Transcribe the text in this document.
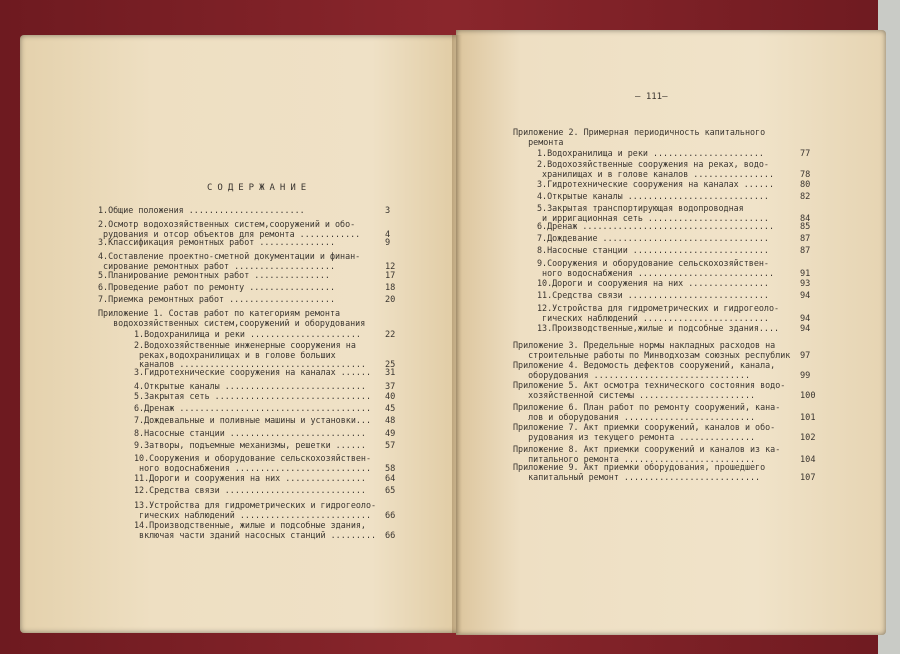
СОДЕРЖАНИЕ
— 111—
1.Общие положения .......................	3
2.Осмотр водохозяйственных систем,сооружений и обо-
рудования и отсор объектов для ремонта ............	4
3.Классификация ремонтных работ ...............	9
4.Составление проектно-сметной документации и финан-
сирование ремонтных работ ....................	12
5.Планирование ремонтных работ ...............	17
6.Проведение работ по ремонту .................	18
7.Приемка ремонтных работ .....................	20
Приложение 1. Состав работ по категориям ремонта
водохозяйственных систем,сооружений и оборудования
1.Водохранилища и реки ......................	22
2.Водохозяйственные инженерные сооружения на
реках,водохранилищах и в голове больших
каналов ..................................... 25
3.Гидротехнические сооружения на каналах ...... 31
4.Открытые каналы ............................ 37
5.Закрытая сеть ............................... 40
6.Дренаж ...................................... 45
7.Дождевальные и поливные машины и установки... 48
8.Насосные станции ........................... 49
9.Затворы, подъемные механизмы, решетки ...... 57
10.Сооружения и оборудование сельскохозяйствен-
ного водоснабжения ........................... 58
11.Дороги и сооружения на них ................ 64
12.Средства связи ............................ 65
13.Устройства для гидрометрических и гидрогеоло-
гических наблюдений ..........................	66
14.Производственные, жилые и подсобные здания,
включая части зданий насосных станций ......... 66
Приложение 2. Примерная периодичность капитального
ремонта
1.Водохранилища и реки ......................	77
2.Водохозяйственные сооружения на реках, водо-
хранилищах и в голове каналов ................	78
3.Гидротехнические сооружения на каналах ......	80
4.Открытые каналы ............................	82
5.Закрытая транспортирующая водопроводная
и ирригационная сеть ........................	84
6.Дренаж ......................................	85
7.Дождевание .................................	87
8.Насосные станции ...........................	87
9.Сооружения и оборудование сельскохозяйствен-
ного водоснабжения ...........................	91
10.Дороги и сооружения на них ................	93
11.Средства связи ............................	94
12.Устройства для гидрометрических и гидрогеоло-
гических наблюдений .........................	94
13.Производственные,жилые и подсобные здания.... 94
Приложение 3. Предельные нормы накладных расходов на
строительные работы по Минводхозам союзных республик 97
Приложение 4. Ведомость дефектов сооружений, канала,
оборудования ...............................	99
Приложение 5. Акт осмотра технического состояния водо-
хозяйственной системы .......................	100
Приложение 6. План работ по ремонту сооружений, кана-
лов и оборудования ..........................	101
Приложение 7. Акт приемки сооружений, каналов и обо-
рудования из текущего ремонта ...............	102
Приложение 8. Акт приемки сооружений и каналов из ка-
питального ремонта ..........................	104
Приложение 9. Акт приемки оборудования, прошедшего
капитальный ремонт ...........................	107
